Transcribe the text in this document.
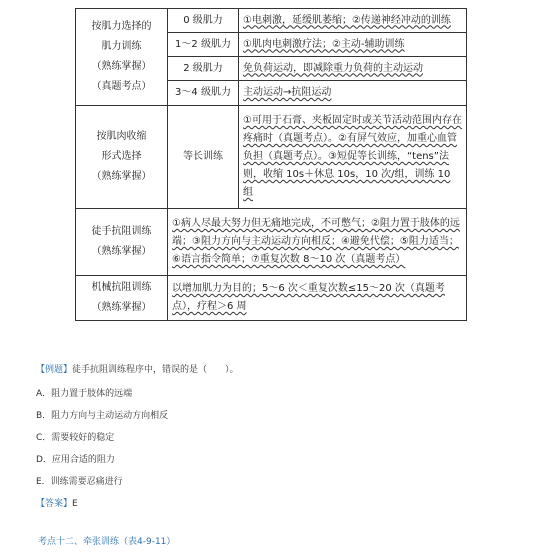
按肌力选择的
肌力训练
（熟练掌握）
（真题考点）	0 级肌力	①电刺激，延缓肌萎缩；②传递神经冲动的训练
	1～2 级肌力	①肌肉电刺激疗法；②主动-辅助训练
	2 级肌力	免负荷运动，即减除重力负荷的主动运动
	3～4 级肌力	主动运动→抗阻运动

按肌肉收缩
形式选择
（熟练掌握）	等长训练	①可用于石膏、夹板固定时或关节活动范围内存在疼痛时（真题考点）。②有屏气效应，加重心血管负担（真题考点）。③短促等长训练，“tens”法则，收缩 10s＋休息 10s，10 次/组，训练 10 组

徒手抗阻训练
（熟练掌握）	①病人尽最大努力但无痛地完成，不可憋气；②阻力置于肢体的远端；③阻力方向与主动运动方向相反；④避免代偿；⑤阻力适当；⑥语言指令简单；⑦重复次数 8～10 次（真题考点）	

机械抗阻训练
（熟练掌握）	以增加肌力为目的；5～6 次＜重复次数≤15～20 次（真题考点），疗程＞6 周	
【例题】徒手抗阻训练程序中，错误的是（　　）。
A．阻力置于肢体的远端
B．阻力方向与主动运动方向相反
C．需要较好的稳定
D．应用合适的阻力
E．训练需要忍痛进行
【答案】E
考点十二、牵张训练（表4-9-11）
